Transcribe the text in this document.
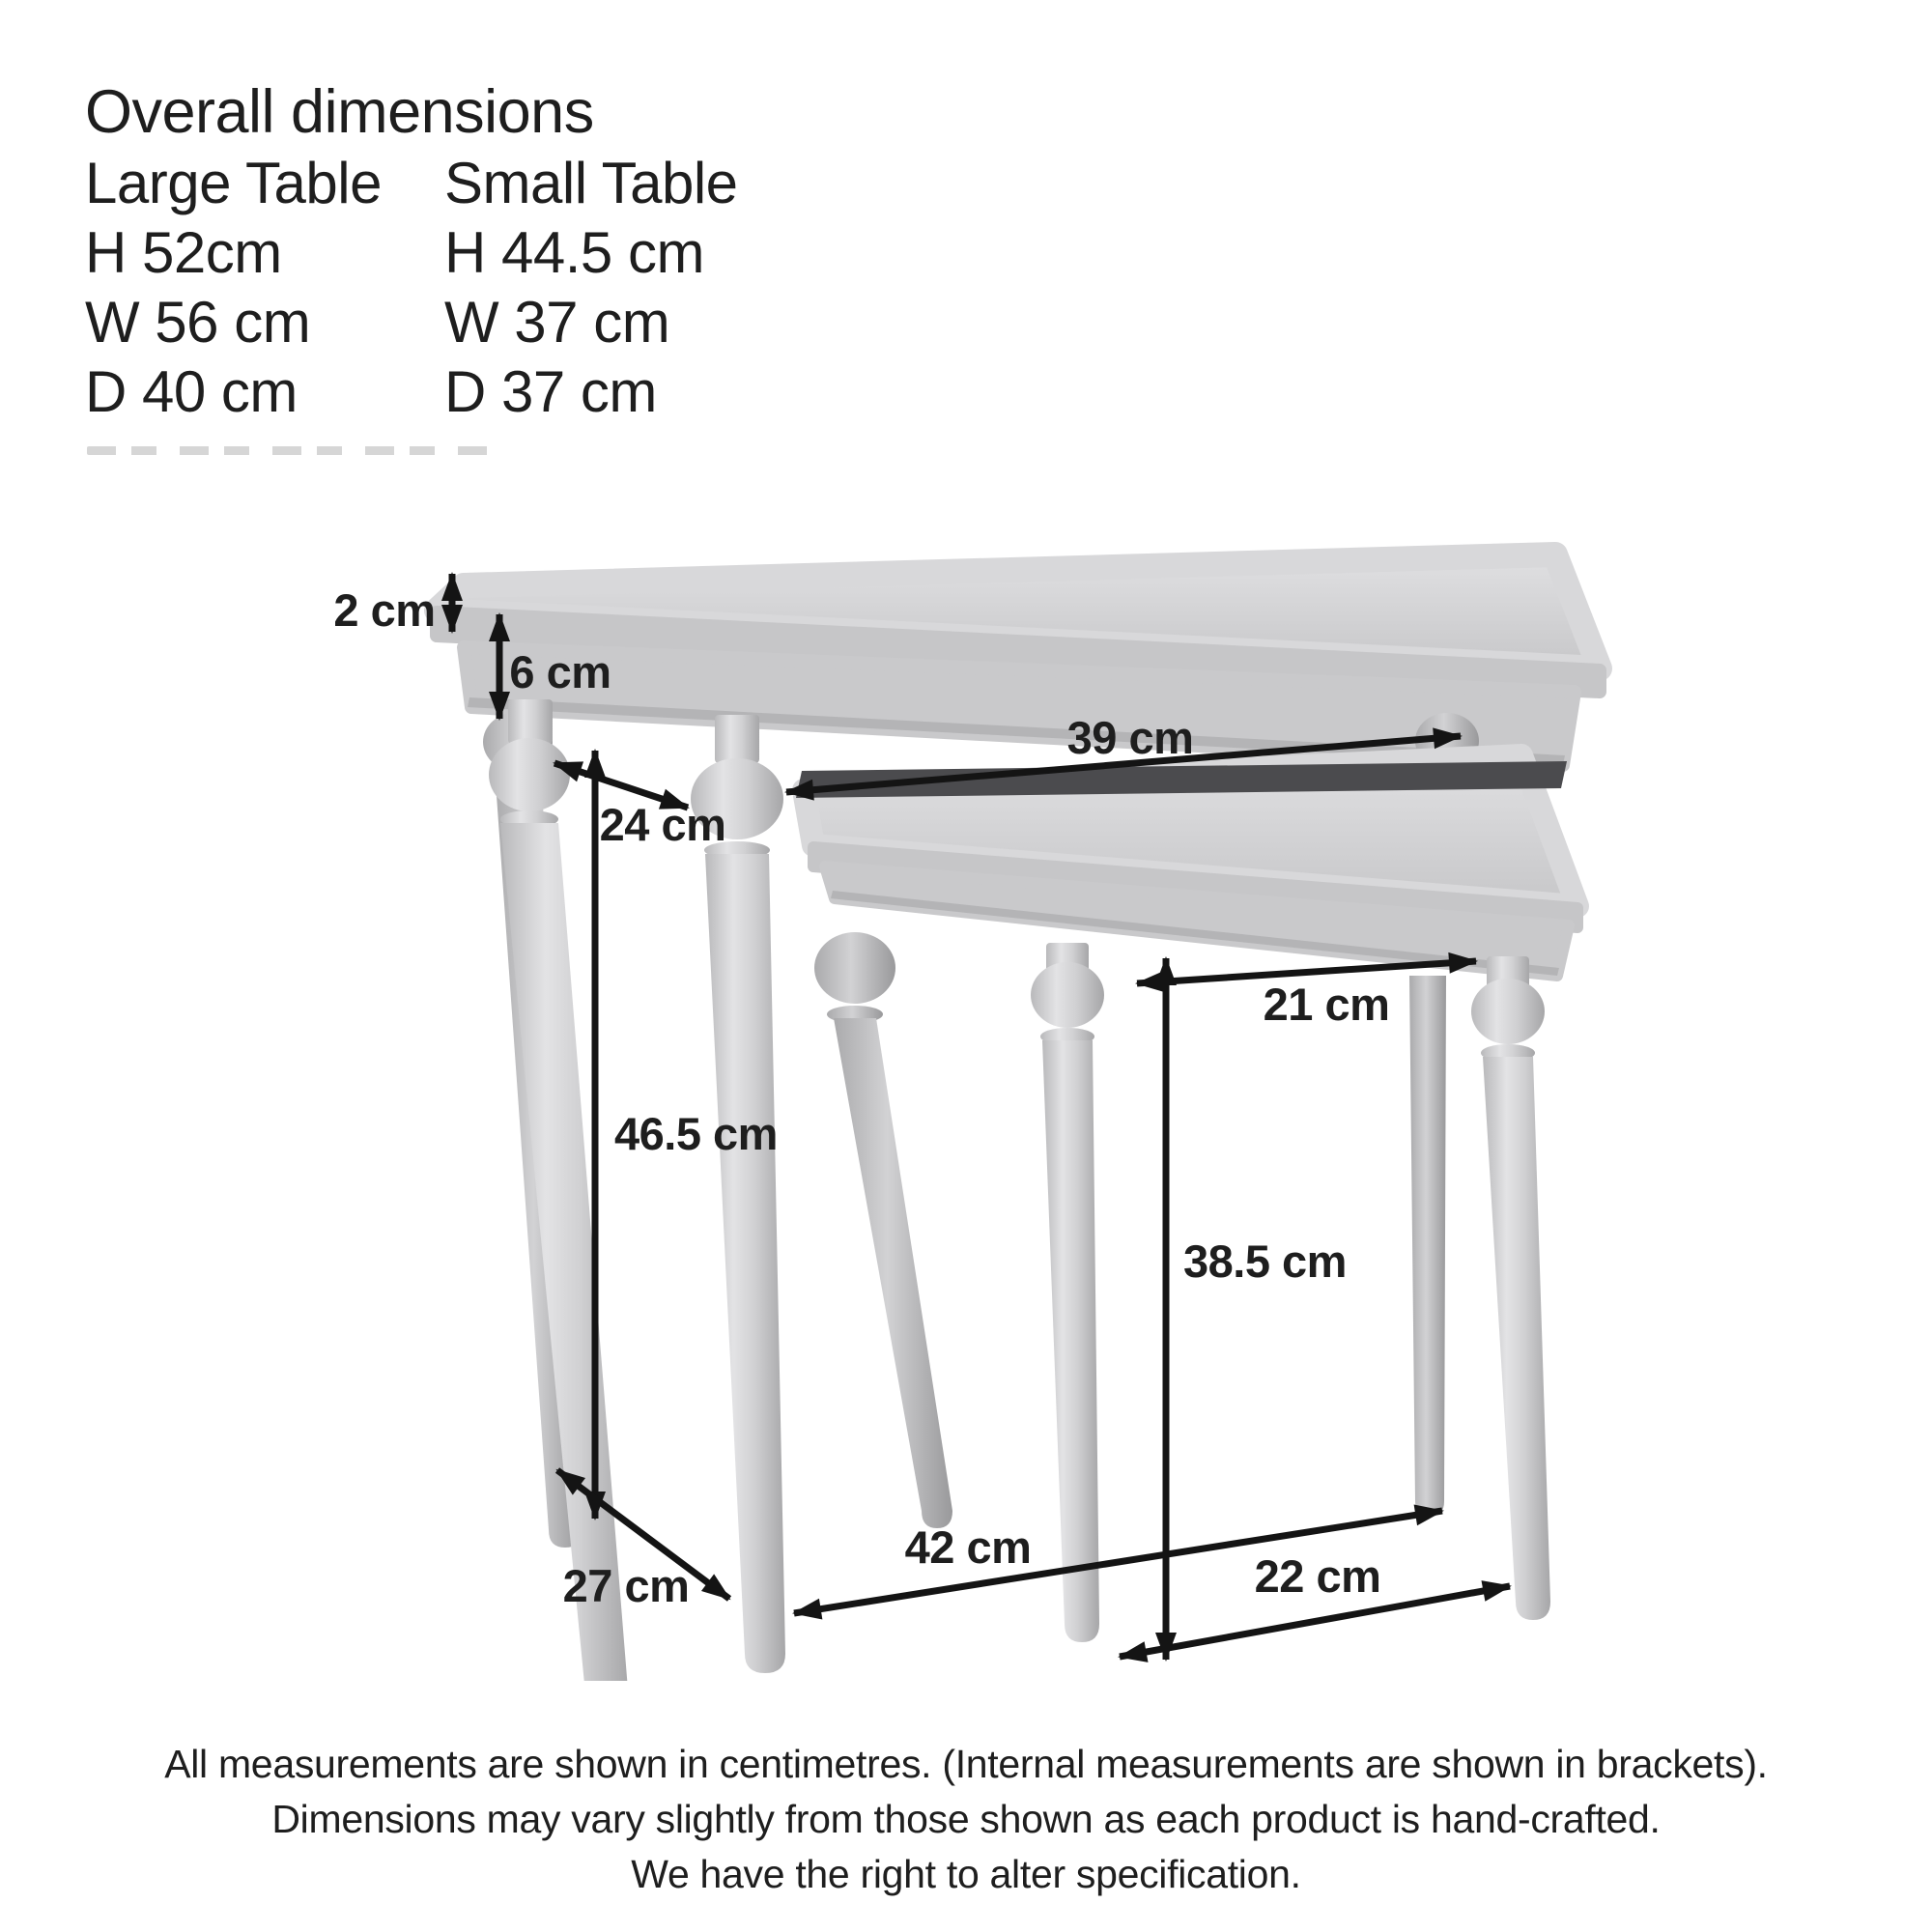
Overall dimensions
Large Table	Small Table
H 52cm	H 44.5 cm
W 56 cm	W 37 cm
D 40 cm	D 37 cm
2 cm
6 cm
39 cm
24 cm
21 cm
46.5 cm
38.5 cm
42 cm
27 cm	22 cm
All measurements are shown in centimetres. (Internal measurements are shown in brackets).
Dimensions may vary slightly from those shown as each product is hand-crafted.
We have the right to alter specification.
